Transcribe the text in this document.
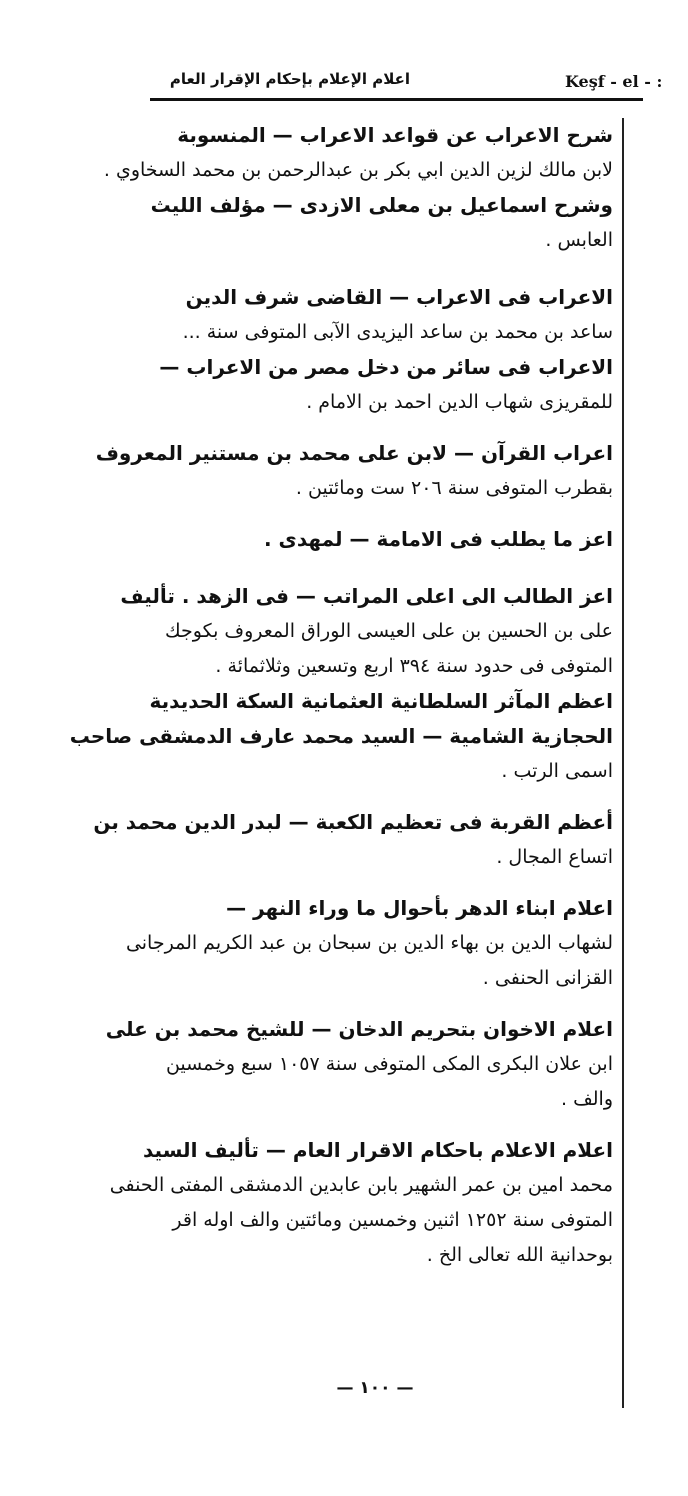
Keşf - el - :
اعلام الإعلام بإحكام الإقرار العام

شرح الاعراب عن قواعد الاعراب — المنسوبة

لابن مالك لزين الدين ابي بكر بن عبدالرحمن بن محمد السخاوي .

وشرح اسماعيل بن معلى الازدى — مؤلف الليث

العابس .

الاعراب فى الاعراب — القاضى شرف الدين

ساعد بن محمد بن ساعد اليزيدى الآبى المتوفى سنة ...

الاعراب فى سائر من دخل مصر من الاعراب —

للمقريزى شهاب الدين احمد بن الامام .

اعراب القرآن — لابن على محمد بن مستنير المعروف

بقطرب المتوفى سنة ٢٠٦ ست ومائتين .

اعز ما يطلب فى الامامة — لمهدى .

اعز الطالب الى اعلى المراتب — فى الزهد . تأليف

على بن الحسين بن على العيسى الوراق المعروف بكوجك

المتوفى فى حدود سنة ٣٩٤ اربع وتسعين وثلاثمائة .

اعظم المآثر السلطانية العثمانية السكة الحديدية

الحجازية الشامية — السيد محمد عارف الدمشقى صاحب

اسمى الرتب .

أعظم القربة فى تعظيم الكعبة — لبدر الدين محمد بن

اتساع المجال .

اعلام ابناء الدهر بأحوال ما وراء النهر —

لشهاب الدين بن بهاء الدين بن سبحان بن عبد الكريم المرجانى

القزانى الحنفى .

اعلام الاخوان بتحريم الدخان — للشيخ محمد بن على

ابن علان البكرى المكى المتوفى سنة ١٠٥٧ سبع وخمسين

والف .

اعلام الاعلام باحكام الاقرار العام — تأليف السيد

محمد امين بن عمر الشهير بابن عابدين الدمشقى المفتى الحنفى

المتوفى سنة ١٢٥٢ اثنين وخمسين ومائتين والف اوله اقر

بوحدانية الله تعالى الخ .

— ١٠٠ —
